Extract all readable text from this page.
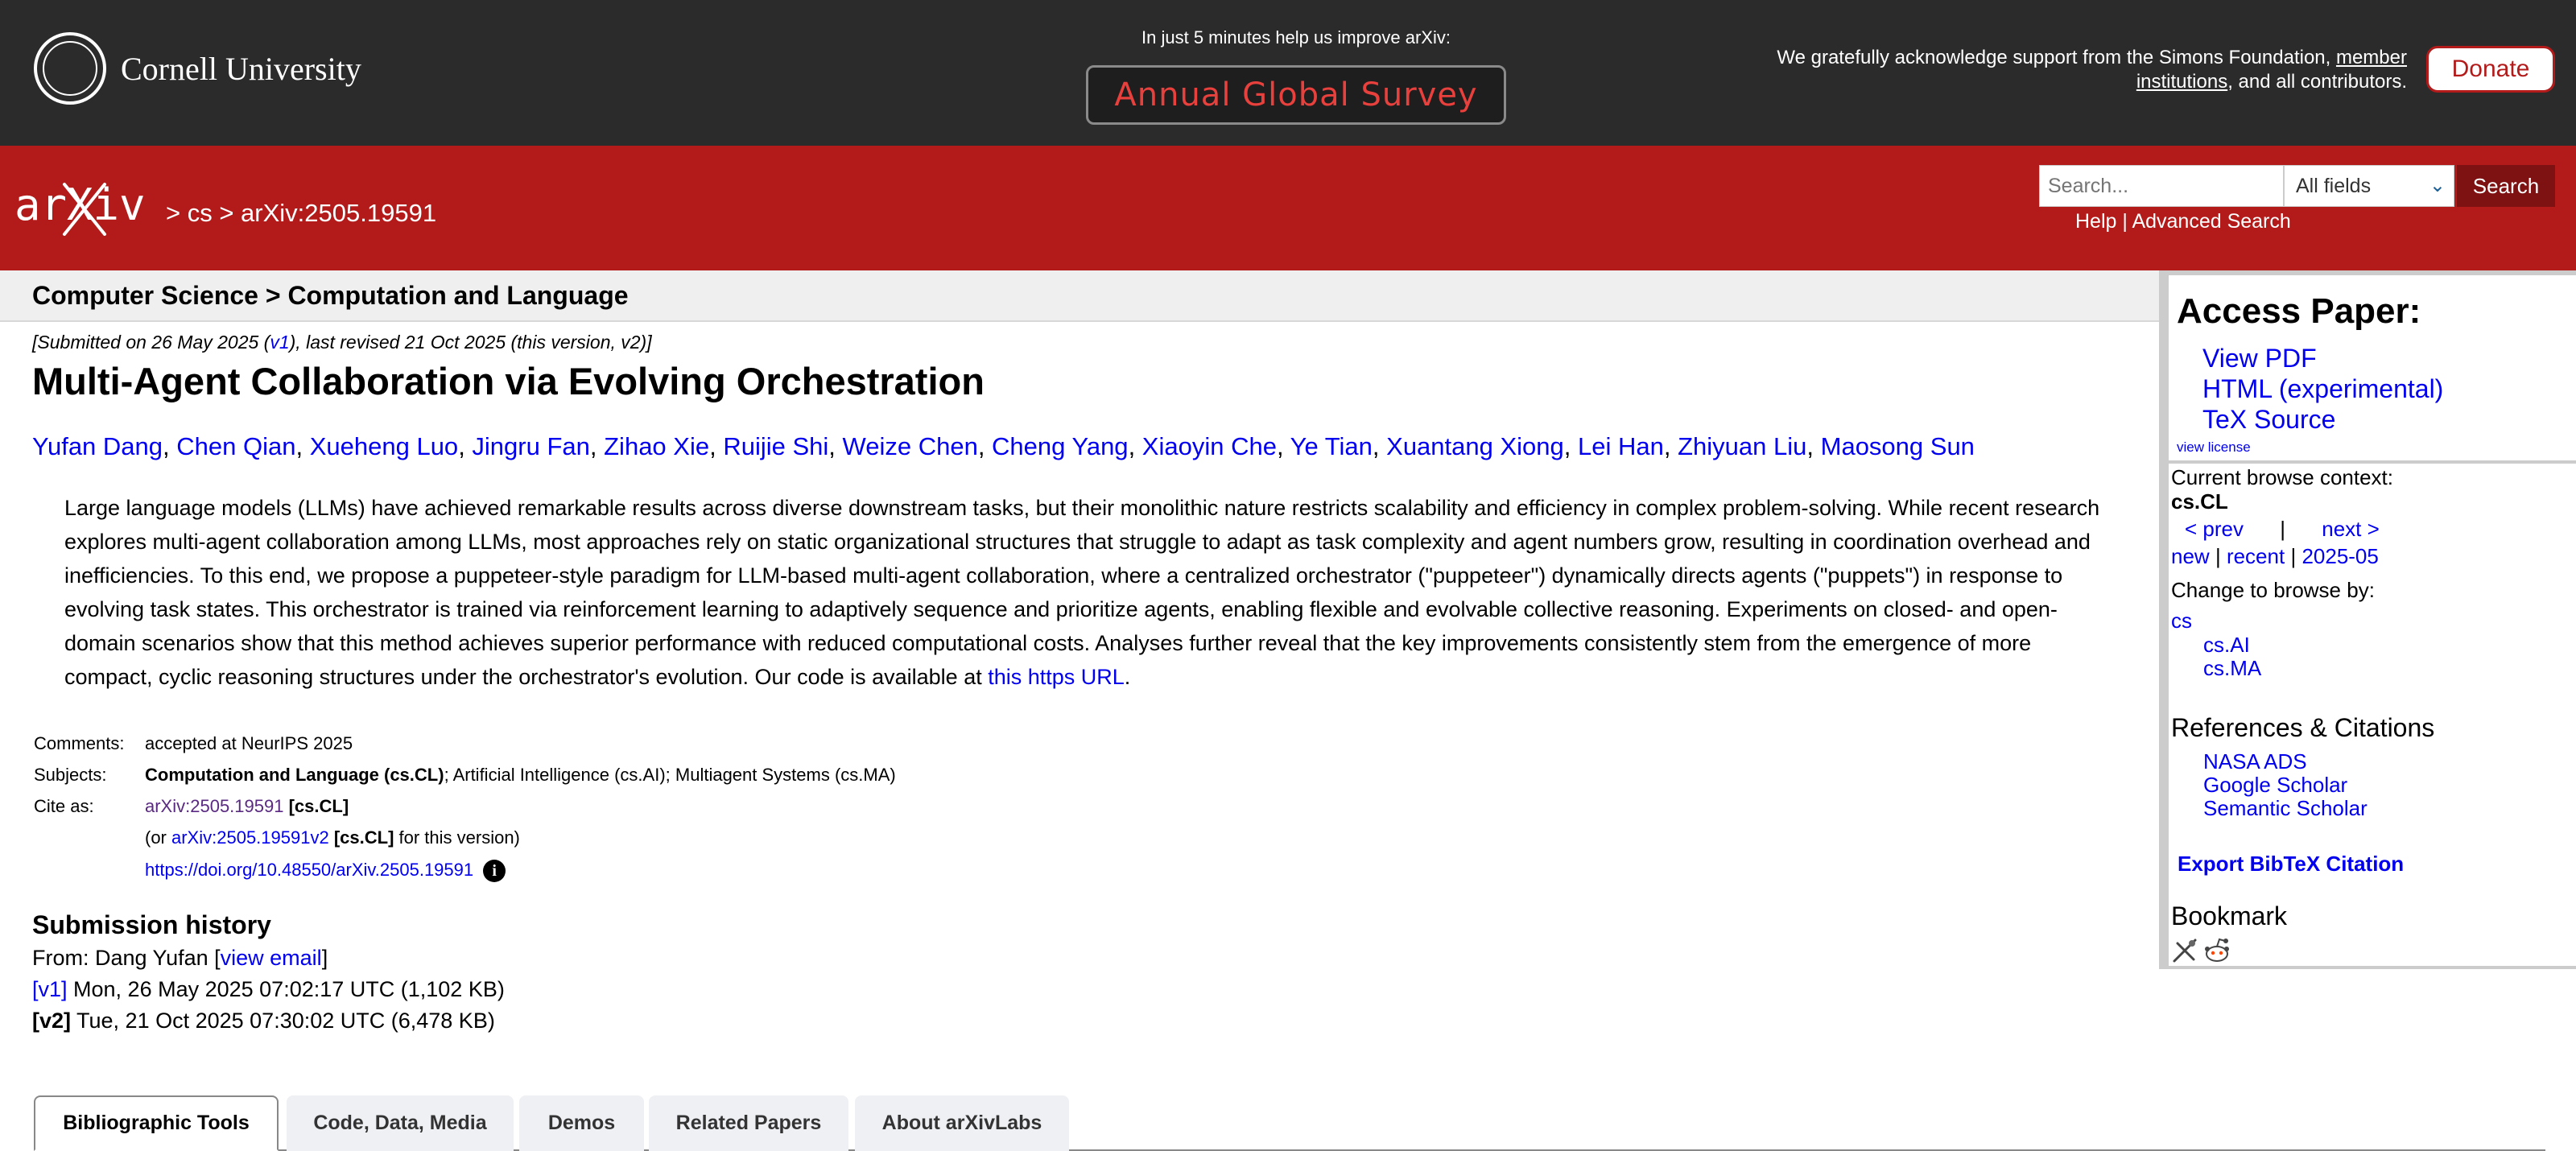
Cornell University
In just 5 minutes help us improve arXiv:
Annual Global Survey
We gratefully acknowledge support from the Simons Foundation, member institutions, and all contributors.	Donate
arXiv > cs > arXiv:2505.19591
Search...
All fields	⌄	Search
Help | Advanced Search
Computer Science > Computation and Language
[Submitted on 26 May 2025 (v1), last revised 21 Oct 2025 (this version, v2)]
Multi-Agent Collaboration via Evolving Orchestration
Yufan Dang, Chen Qian, Xueheng Luo, Jingru Fan, Zihao Xie, Ruijie Shi, Weize Chen, Cheng Yang, Xiaoyin Che, Ye Tian, Xuantang Xiong, Lei Han, Zhiyuan Liu, Maosong Sun

Large language models (LLMs) have achieved remarkable results across diverse downstream tasks, but their monolithic nature restricts scalability and efficiency in complex problem-solving. While recent research explores multi-agent collaboration among LLMs, most approaches rely on static organizational structures that struggle to adapt as task complexity and agent numbers grow, resulting in coordination overhead and inefficiencies. To this end, we propose a puppeteer-style paradigm for LLM-based multi-agent collaboration, where a centralized orchestrator ("puppeteer") dynamically directs agents ("puppets") in response to evolving task states. This orchestrator is trained via reinforcement learning to adaptively sequence and prioritize agents, enabling flexible and evolvable collective reasoning. Experiments on closed- and open-domain scenarios show that this method achieves superior performance with reduced computational costs. Analyses further reveal that the key improvements consistently stem from the emergence of more compact, cyclic reasoning structures under the orchestrator's evolution. Our code is available at this https URL.

Comments:	accepted at NeurIPS 2025
Subjects:	Computation and Language (cs.CL); Artificial Intelligence (cs.AI); Multiagent Systems (cs.MA)
Cite as:	arXiv:2505.19591 [cs.CL]
(or arXiv:2505.19591v2 [cs.CL] for this version)
https://doi.org/10.48550/arXiv.2505.19591 i
Submission history
From: Dang Yufan [view email]
[v1] Mon, 26 May 2025 07:02:17 UTC (1,102 KB)
[v2] Tue, 21 Oct 2025 07:30:02 UTC (6,478 KB)
Bibliographic Tools	Code, Data, Media	Demos	Related Papers	About arXivLabs
Access Paper:
View PDF
HTML (experimental)
TeX Source
view license
Current browse context:
cs.CL
< prev | next >
new | recent | 2025-05
Change to browse by:
cs
cs.AI
cs.MA
References & Citations
NASA ADS
Google Scholar
Semantic Scholar
Export BibTeX Citation
Bookmark
